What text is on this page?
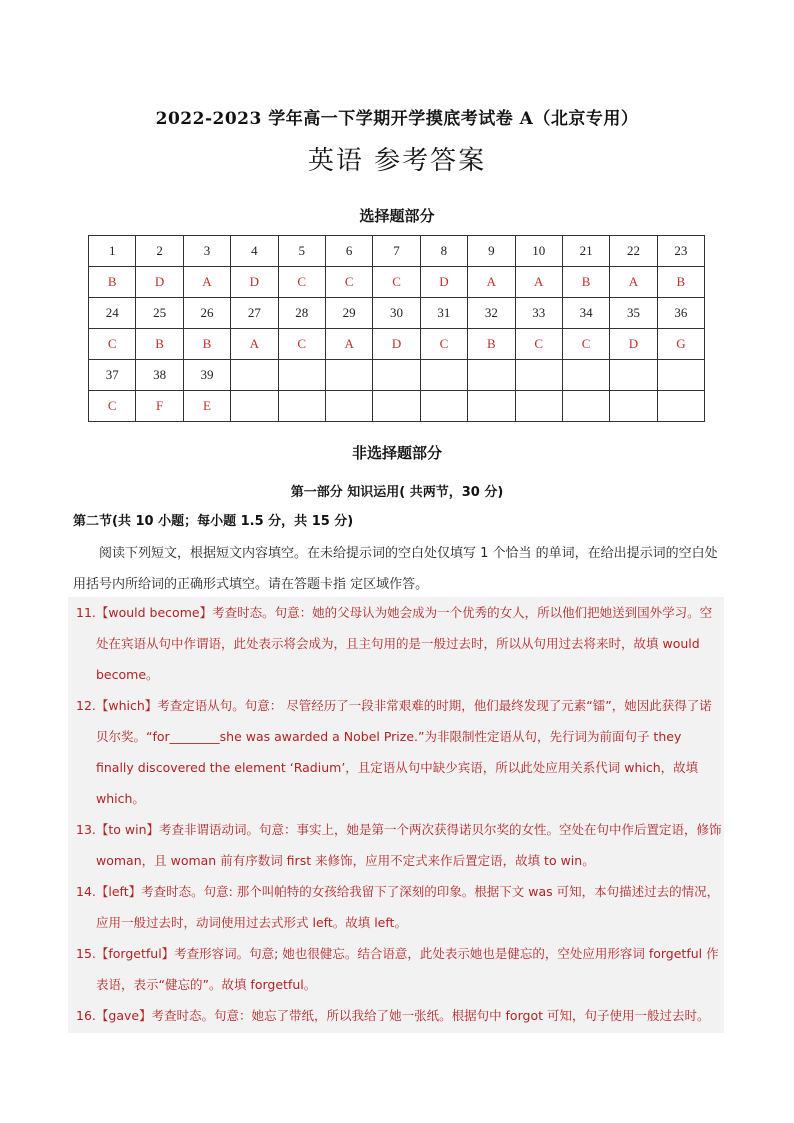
2022-2023 学年高一下学期开学摸底考试卷 A（北京专用）
英语 参考答案
选择题部分
1	2	3	4	5	6	7	8	9	10	21	22	23
B	D	A	D	C	C	C	D	A	A	B	A	B
24	25	26	27	28	29	30	31	32	33	34	35	36
C	B	B	A	C	A	D	C	B	C	C	D	G
37	38	39										
C	F	E										
非选择题部分
第一部分 知识运用( 共两节，30 分)
第二节(共 10 小题；每小题 1.5 分，共 15 分)
阅读下列短文，根据短文内容填空。在未给提示词的空白处仅填写 1 个恰当 的单词，在给出提示词的空白处用括号内所给词的正确形式填空。请在答题卡指 定区域作答。
11.【would become】考查时态。句意：她的父母认为她会成为一个优秀的女人，所以他们把她送到国外学习。空处在宾语从句中作谓语，此处表示将会成为，且主句用的是一般过去时，所以从句用过去将来时，故填 would become。
12.【which】考查定语从句。句意： 尽管经历了一段非常艰难的时期，他们最终发现了元素“镭”，她因此获得了诺贝尔奖。“for________she was awarded a Nobel Prize.”为非限制性定语从句，先行词为前面句子 they finally discovered the element ‘Radium’，且定语从句中缺少宾语，所以此处应用关系代词 which，故填 which。
13.【to win】考查非谓语动词。句意：事实上，她是第一个两次获得诺贝尔奖的女性。空处在句中作后置定语，修饰 woman，且 woman 前有序数词 first 来修饰，应用不定式来作后置定语，故填 to win。
14.【left】考查时态。句意: 那个叫帕特的女孩给我留下了深刻的印象。根据下文 was 可知，本句描述过去的情况，应用一般过去时，动词使用过去式形式 left。故填 left。
15.【forgetful】考查形容词。句意; 她也很健忘。结合语意，此处表示她也是健忘的，空处应用形容词 forgetful 作表语，表示“健忘的”。故填 forgetful。
16.【gave】考查时态。句意：她忘了带纸，所以我给了她一张纸。根据句中 forgot 可知，句子使用一般过去时。
